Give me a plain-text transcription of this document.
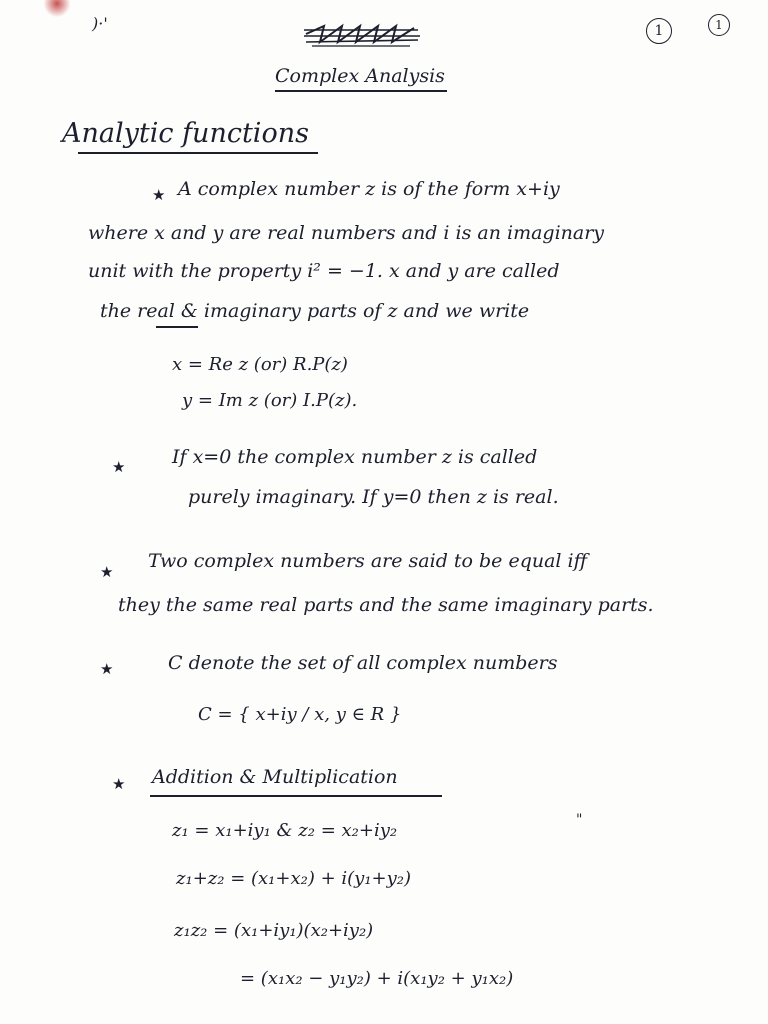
)·'	1	1
Complex Analysis
Analytic functions
★ A complex number z is of the form x+iy
where x and y are real numbers and i is an imaginary
unit with the property i² = −1. x and y are called
the real & imaginary parts of z and we write
x = Re z (or) R.P(z)
y = Im z (or) I.P(z).
★ If x=0 the complex number z is called
purely imaginary. If y=0 then z is real.
★ Two complex numbers are said to be equal iff
they the same real parts and the same imaginary parts.
★	C denote the set of all complex numbers
C = { x+iy / x, y ∈ R }
★ Addition & Multiplication
"
z₁ = x₁+iy₁ & z₂ = x₂+iy₂
z₁+z₂ = (x₁+x₂) + i(y₁+y₂)
z₁z₂ = (x₁+iy₁)(x₂+iy₂)
= (x₁x₂ − y₁y₂) + i(x₁y₂ + y₁x₂)
